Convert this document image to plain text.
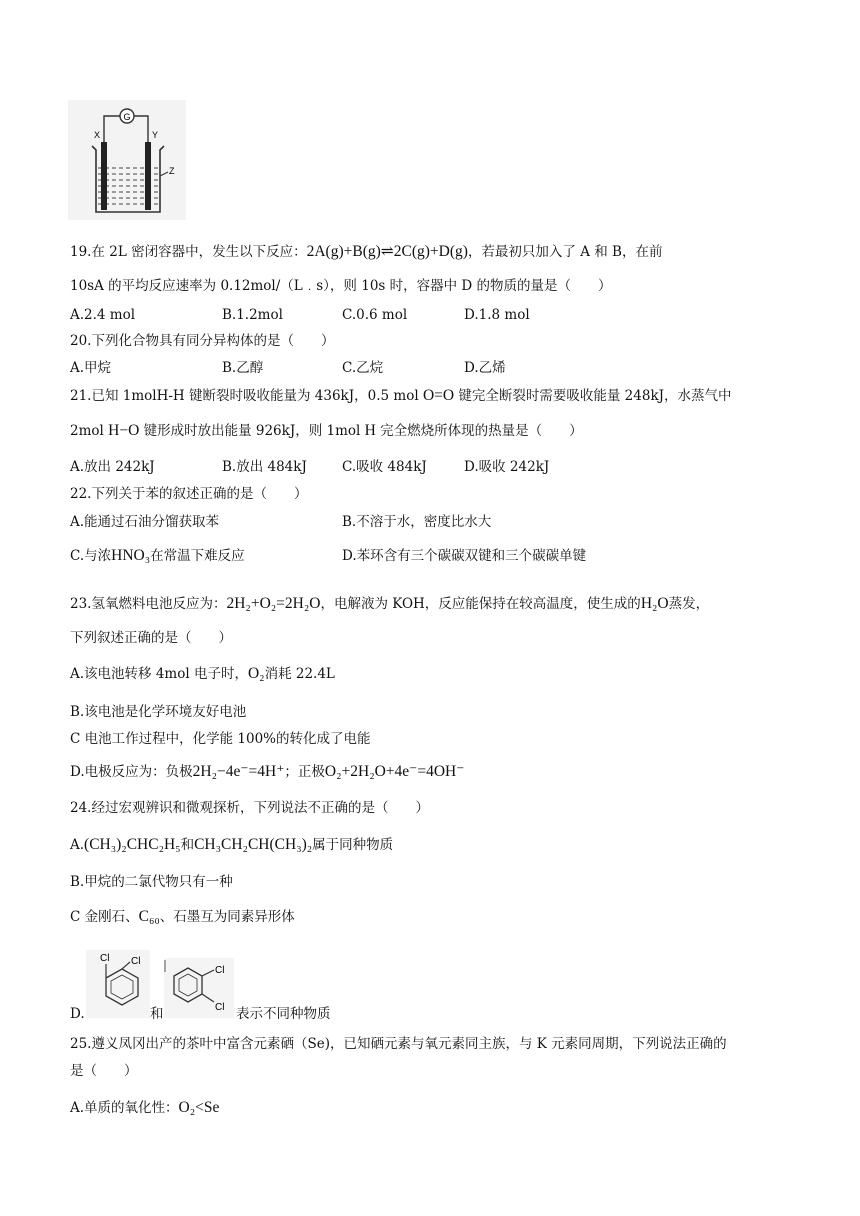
G
X	Y
Z
19.在 2L 密闭容器中，发生以下反应：2A(g)+B(g)⇌2C(g)+D(g)，若最初只加入了 A 和 B，在前
10sA 的平均反应速率为 0.12mol/（L﹒s），则 10s 时，容器中 D 的物质的量是（　　）
A.2.4 mol	B.1.2mol	C.0.6 mol	D.1.8 mol
20.下列化合物具有同分异构体的是（　　）
A.甲烷	B.乙醇	C.乙烷	D.乙烯
21.已知 1molH-H 键断裂时吸收能量为 436kJ，0.5 mol O=O 键完全断裂时需要吸收能量 248kJ，水蒸气中
2mol H−O 键形成时放出能量 926kJ，则 1mol H 完全燃烧所体现的热量是（　　）
A.放出 242kJ	B.放出 484kJ	C.吸收 484kJ	D.吸收 242kJ
22.下列关于苯的叙述正确的是（　　）
A.能通过石油分馏获取苯	B.不溶于水，密度比水大
C.与浓HNO₃在常温下难反应	D.苯环含有三个碳碳双键和三个碳碳单键
23.氢氧燃料电池反应为：2H₂+O₂=2H₂O，电解液为 KOH，反应能保持在较高温度，使生成的H₂O蒸发，
下列叙述正确的是（　　）
A.该电池转移 4mol 电子时，O₂消耗 22.4L
B.该电池是化学环境友好电池
C 电池工作过程中，化学能 100%的转化成了电能
D.电极反应为：负极2H₂−4e⁻=4H⁺；正极O₂+2H₂O+4e⁻=4OH⁻
24.经过宏观辨识和微观探析，下列说法不正确的是（　　）
A.(CH₃)₂CHC₂H₅和CH₃CH₂CH(CH₃)₂属于同种物质
B.甲烷的二氯代物只有一种
C 金刚石、C₆₀、石墨互为同素异形体
D.
Cl Cl
和
Cl
Cl 表示不同种物质
25.遵义凤冈出产的茶叶中富含元素硒（Se)，已知硒元素与氧元素同主族，与 K 元素同周期，下列说法正确的
是（　　）
A.单质的氧化性：O₂<Se
